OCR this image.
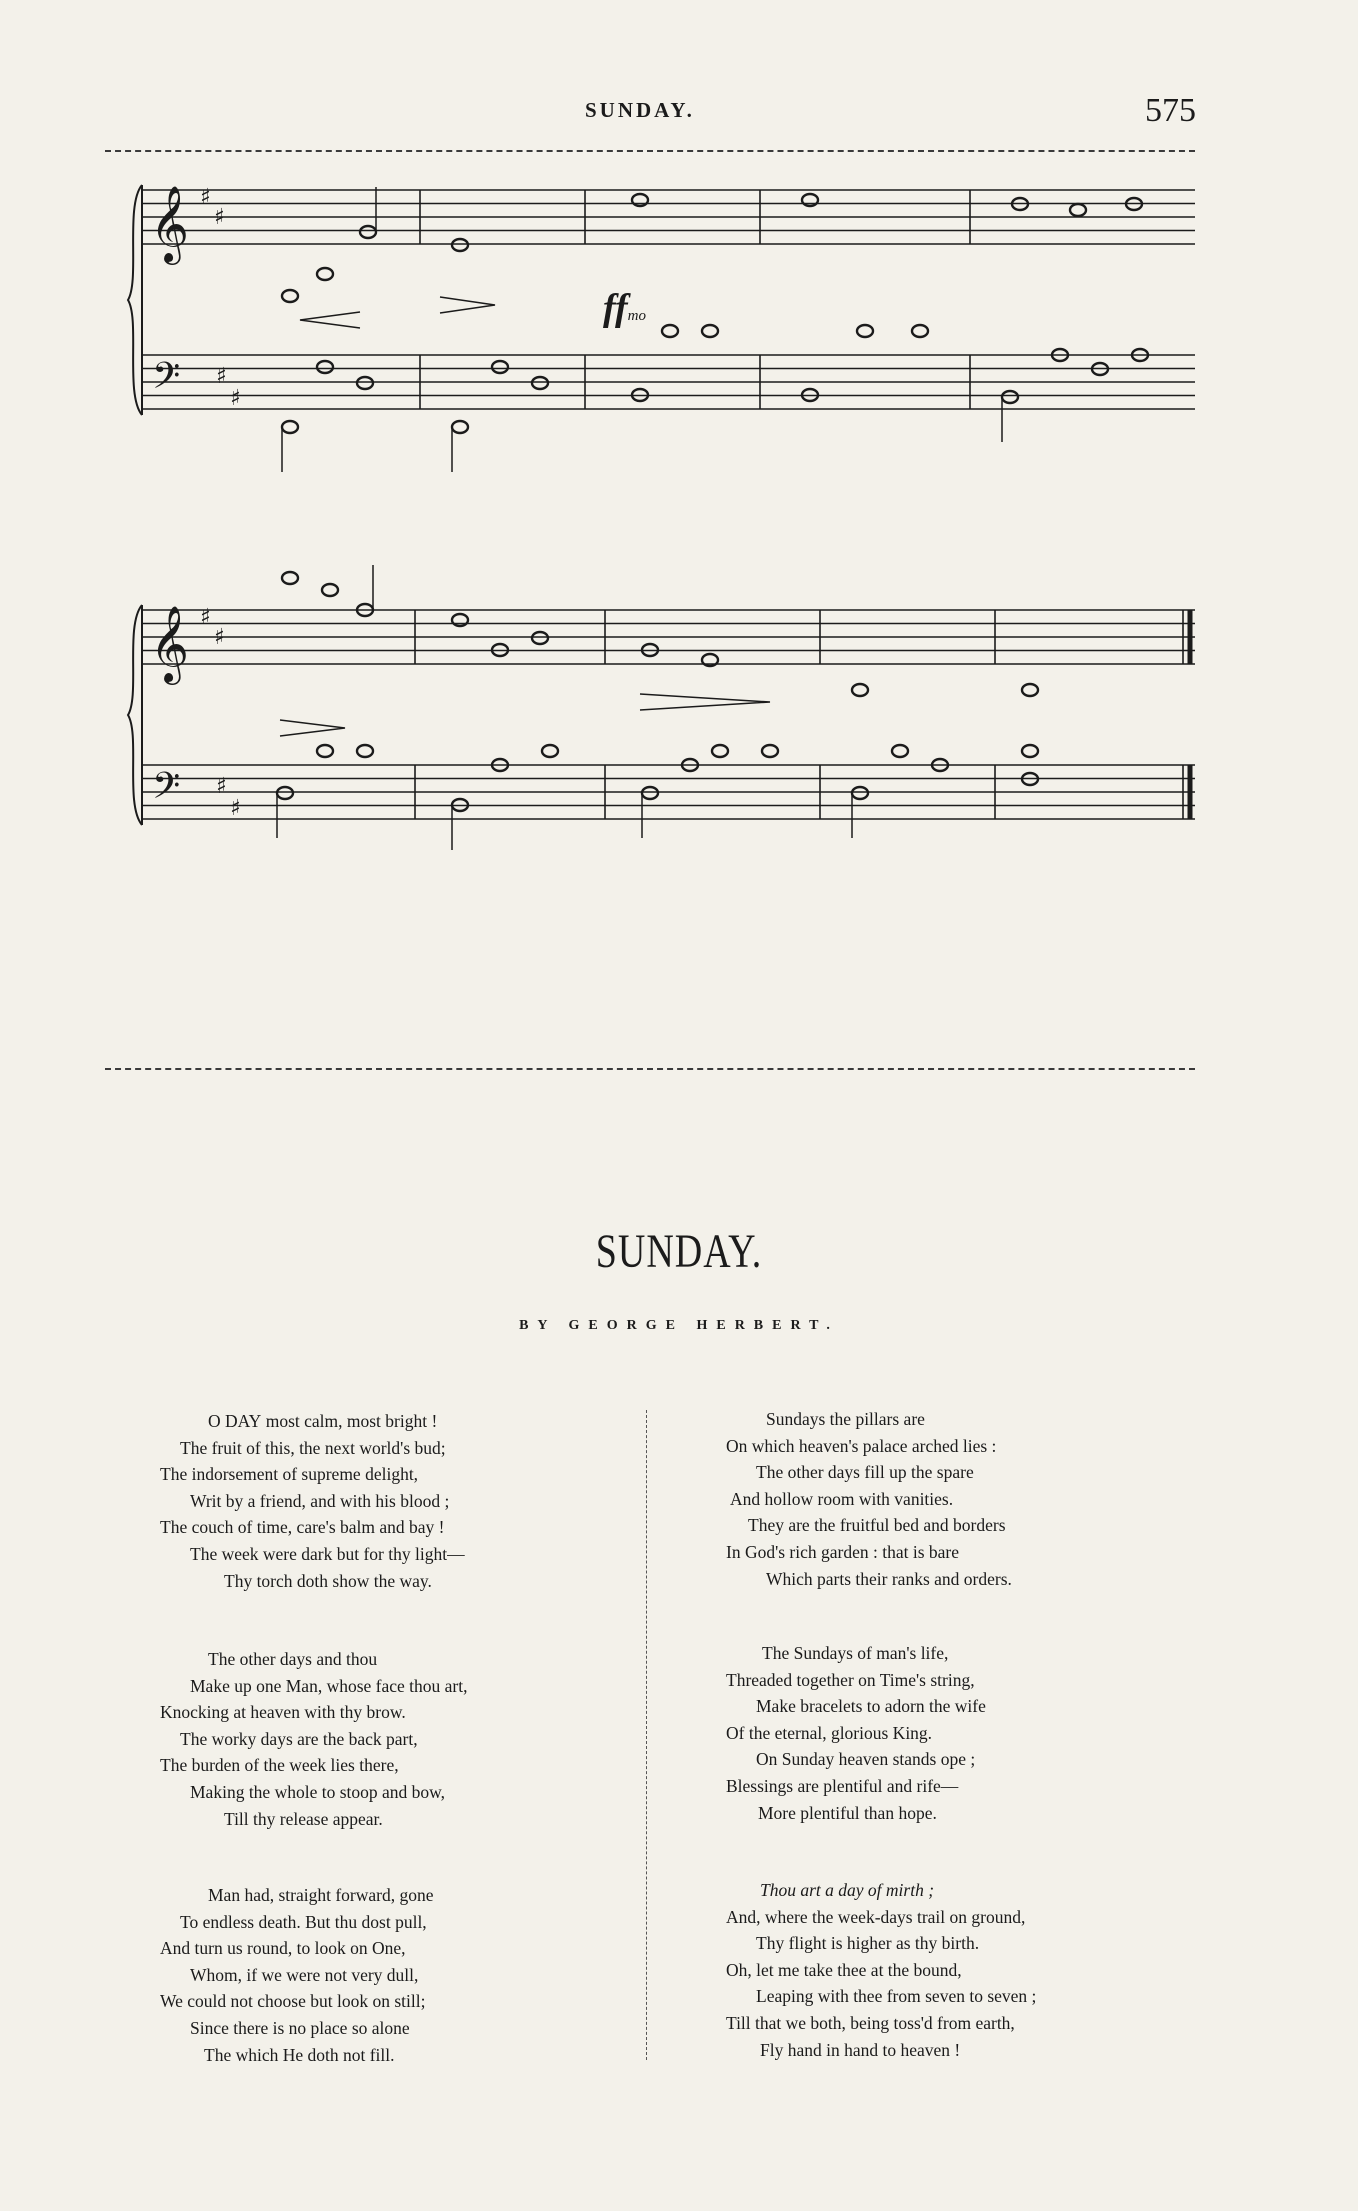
SUNDAY.	575
𝄞
𝄢
♯
♯
♯
♯
𝄞
𝄢
♯
♯
♯
♯
ffmo
SUNDAY.
BY GEORGE HERBERT.
O DAY most calm, most bright !
The fruit of this, the next world's bud;
The indorsement of supreme delight,
Writ by a friend, and with his blood ;
The couch of time, care's balm and bay !
The week were dark but for thy light—
Thy torch doth show the way.
The other days and thou
Make up one Man, whose face thou art,
Knocking at heaven with thy brow.
The worky days are the back part,
The burden of the week lies there,
Making the whole to stoop and bow,
Till thy release appear.
Man had, straight forward, gone
To endless death. But thu dost pull,
And turn us round, to look on One,
Whom, if we were not very dull,
We could not choose but look on still;
Since there is no place so alone
The which He doth not fill.
Sundays the pillars are
On which heaven's palace arched lies :
The other days fill up the spare
And hollow room with vanities.
They are the fruitful bed and borders
In God's rich garden : that is bare
Which parts their ranks and orders.
The Sundays of man's life,
Threaded together on Time's string,
Make bracelets to adorn the wife
Of the eternal, glorious King.
On Sunday heaven stands ope ;
Blessings are plentiful and rife—
More plentiful than hope.
Thou art a day of mirth ;
And, where the week-days trail on ground,
Thy flight is higher as thy birth.
Oh, let me take thee at the bound,
Leaping with thee from seven to seven ;
Till that we both, being toss'd from earth,
Fly hand in hand to heaven !
